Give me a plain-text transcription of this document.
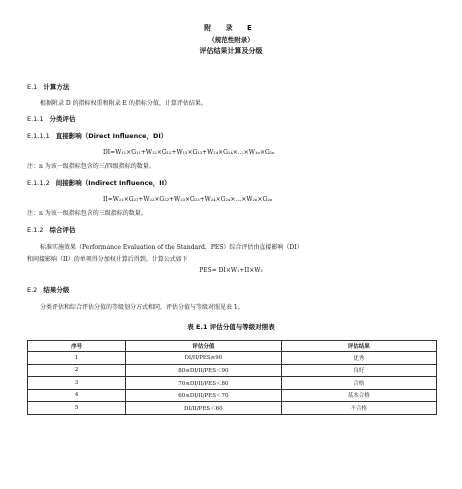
附 录 E
（规范性附录）
评估结果计算及分级
E.1 计算方法
根据附录 D 的指标权重和附录 E 的指标分值，计算评估结果。
E.1.1 分类评估
E.1.1.1 直接影响（Direct Influence，DI）
DI=W₁₁×G₁₁+W₁₂×G₁₂+W₁₃×G₁₃+W₁₄×G₁₄×…×W₁ₙ×G₁ₙ
注：n 为该一级指标包含的三/四级指标的数量。
E.1.1.2 间接影响（Indirect Influence，II）
II=W₂₁×G₂₁+W₂₂×G₂₂+W₂₃×G₂₃+W₂₄×G₂₄×…×W₂ₙ×G₂ₙ
注：n 为该一级指标包含的三级指标的数量。
E.1.2 综合评估
标准实施效果（Performance Evaluation of the Standard，PES）综合评估由直接影响（DI）
和间接影响（II）的单项得分加权计算后得到。计算公式如下
PES= DI×W₁+II×W₂
E.2 结果分级
分类评估和综合评估分值的等级划分方式相同，评估分值与等级对照见表 1。
表 E.1 评估分值与等级对照表
序号	评估分值	评估结果
1	DI/II/PES≥90	优秀
2	80≤DI/II/PES＜90	良好
3	70≤DI/II/PES＜80	合格
4	60≤DI/II/PES＜70	基本合格
5	DI/II/PES＜60	不合格
